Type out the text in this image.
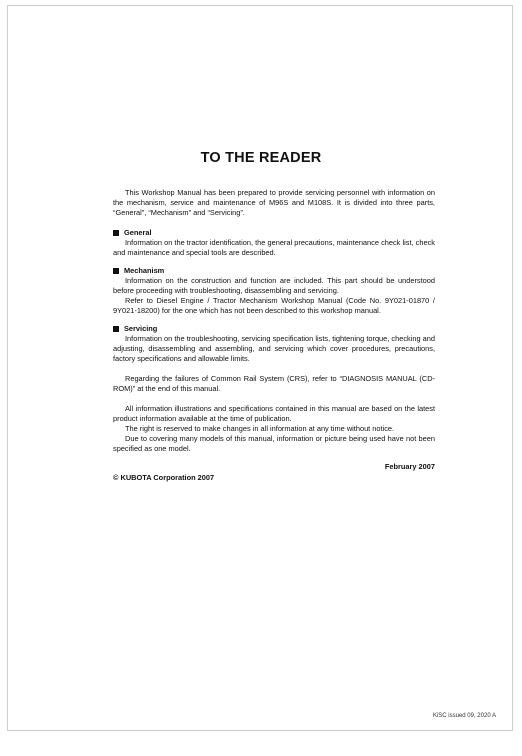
TO THE READER

This Workshop Manual has been prepared to provide servicing personnel with information on the mechanism, service and maintenance of M96S and M108S. It is divided into three parts, “General”, “Mechanism” and “Servicing”.

General

Information on the tractor identification, the general precautions, maintenance check list, check and maintenance and special tools are described.

Mechanism

Information on the construction and function are included. This part should be understood before proceeding with troubleshooting, disassembling and servicing.

Refer to Diesel Engine / Tractor Mechanism Workshop Manual (Code No. 9Y021-01870 / 9Y021-18200) for the one which has not been described to this workshop manual.

Servicing

Information on the troubleshooting, servicing specification lists, tightening torque, checking and adjusting, disassembling and assembling, and servicing which cover procedures, precautions, factory specifications and allowable limits.

Regarding the failures of Common Rail System (CRS), refer to “DIAGNOSIS MANUAL (CD-ROM)” at the end of this manual.

All information illustrations and specifications contained in this manual are based on the latest product information available at the time of publication.

The right is reserved to make changes in all information at any time without notice.

Due to covering many models of this manual, information or picture being used have not been specified as one model.

February 2007
© KUBOTA Corporation 2007
KiSC issued 09, 2020 A
